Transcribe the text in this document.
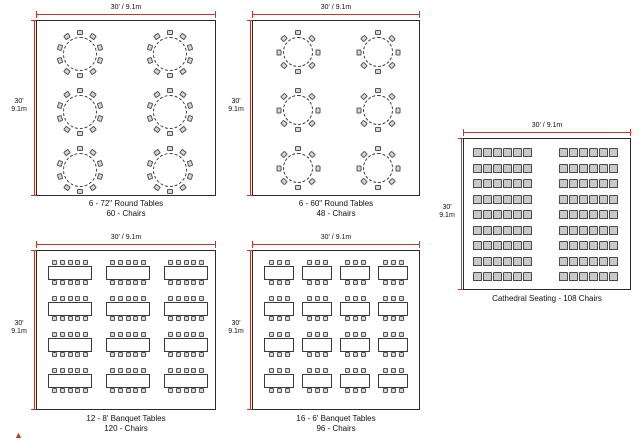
30' / 9.1m
30'
9.1m
6 - 72" Round Tables
60 - Chairs
30' / 9.1m
30'
9.1m
6 - 60" Round Tables
48 - Chairs
30' / 9.1m
30'
9.1m
12 - 8' Banquet Tables
120 - Chairs
30' / 9.1m
30'
9.1m
16 - 6' Banquet Tables
96 - Chairs
30' / 9.1m
30'
9.1m
Cathedral Seating - 108 Chairs
▲
